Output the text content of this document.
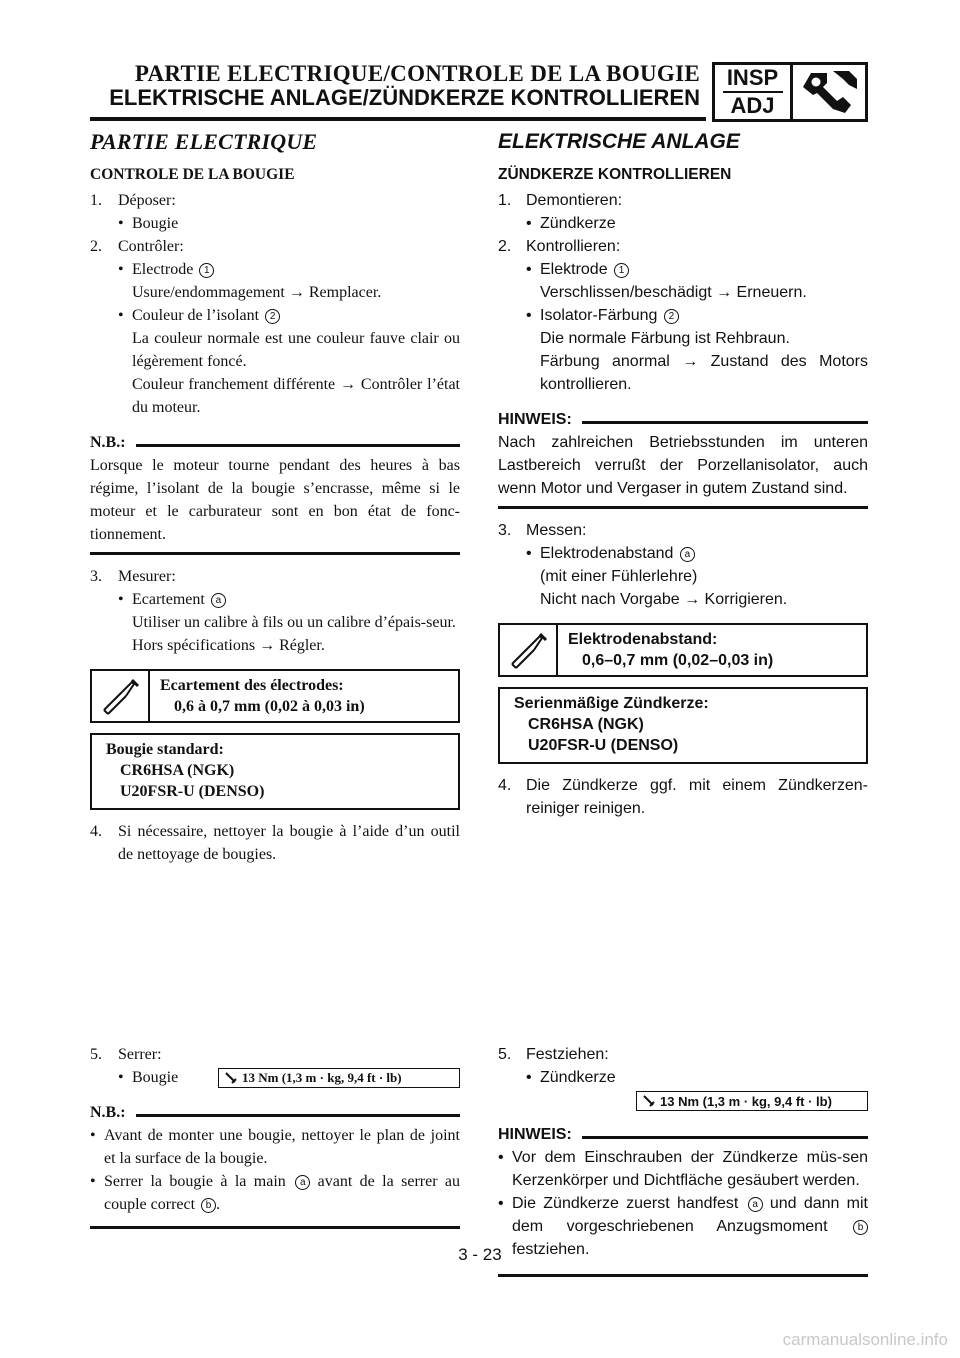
PARTIE ELECTRIQUE/CONTROLE DE LA BOUGIE
ELEKTRISCHE ANLAGE/ZÜNDKERZE KONTROLLIEREN
INSP
ADJ
PARTIE ELECTRIQUE
CONTROLE DE LA BOUGIE
1.	Déposer:
• Bougie
2.	Contrôler:
• Electrode 1
Usure/endommagement → Remplacer.
• Couleur de l’isolant 2
La couleur normale est une couleur fauve clair ou légèrement foncé.
Couleur franchement différente → Contrôler l’état du moteur.
N.B.:
Lorsque le moteur tourne pendant des heures à bas régime, l’isolant de la bougie s’encrasse, même si le moteur et le carburateur sont en bon état de fonc-tionnement.
3.	Mesurer:
• Ecartement a
Utiliser un calibre à fils ou un calibre d’épais-seur.
Hors spécifications → Régler.
Ecartement des électrodes:
0,6 à 0,7 mm (0,02 à 0,03 in)
Bougie standard:
CR6HSA (NGK)
U20FSR-U (DENSO)
4.	Si nécessaire, nettoyer la bougie à l’aide d’un outil de nettoyage de bougies.
5.	Serrer:
• Bougie	13 Nm (1,3 m · kg, 9,4 ft · lb)
N.B.:
• Avant de monter une bougie, nettoyer le plan de joint et la surface de la bougie.
• Serrer la bougie à la main a avant de la serrer au couple correct b .
ELEKTRISCHE ANLAGE
ZÜNDKERZE KONTROLLIEREN
1. Demontieren:
• Zündkerze
2. Kontrollieren:
• Elektrode 1
Verschlissen/beschädigt → Erneuern.
• Isolator-Färbung 2
Die normale Färbung ist Rehbraun.
Färbung anormal → Zustand des Motors kontrollieren.
HINWEIS:
Nach zahlreichen Betriebsstunden im unteren Lastbereich verrußt der Porzellanisolator, auch wenn Motor und Vergaser in gutem Zustand sind.
3. Messen:
• Elektrodenabstand a
(mit einer Fühlerlehre)
Nicht nach Vorgabe → Korrigieren.
Elektrodenabstand:
0,6–0,7 mm (0,02–0,03 in)
Serienmäßige Zündkerze:
CR6HSA (NGK)
U20FSR-U (DENSO)
4. Die Zündkerze ggf. mit einem Zündkerzen-reiniger reinigen.
5. Festziehen:
• Zündkerze
13 Nm (1,3 m · kg, 9,4 ft · lb)
HINWEIS:
• Vor dem Einschrauben der Zündkerze müs-sen Kerzenkörper und Dichtfläche gesäubert werden.
• Die Zündkerze zuerst handfest a und dann mit dem vorgeschriebenen Anzugsmoment	b festziehen.
3 - 23
carmanualsonline.info
